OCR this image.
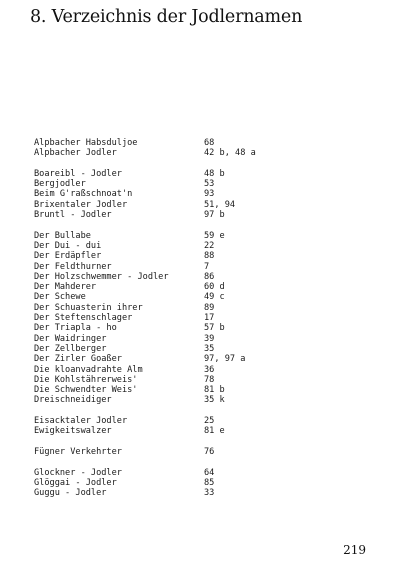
8. Verzeichnis der Jodlernamen
Alpbacher Habsduljoe	68
Alpbacher Jodler	42 b, 48 a
Boareibl - Jodler	48 b
Bergjodler	53
Beim G'raßschnoat'n	93
Brixentaler Jodler	51, 94
Bruntl - Jodler	97 b
Der Bullabe	59 e
Der Dui - dui	22
Der Erdäpfler	88
Der Feldthurner	7
Der Holzschwemmer - Jodler	86
Der Mahderer	60 d
Der Schewe	49 c
Der Schuasterin ihrer	89
Der Steftenschlager	17
Der Triapla - ho	57 b
Der Waidringer	39
Der Zellberger	35
Der Zirler Goaßer	97, 97 a
Die kloanvadrahte Alm	36
Die Kohlstährerweis'	78
Die Schwendter Weis'	81 b
Dreischneidiger	35 k
Eisacktaler Jodler	25
Ewigkeitswalzer	81 e
Fügner Verkehrter	76
Glockner - Jodler	64
Glöggai - Jodler	85
Guggu - Jodler	33
219
